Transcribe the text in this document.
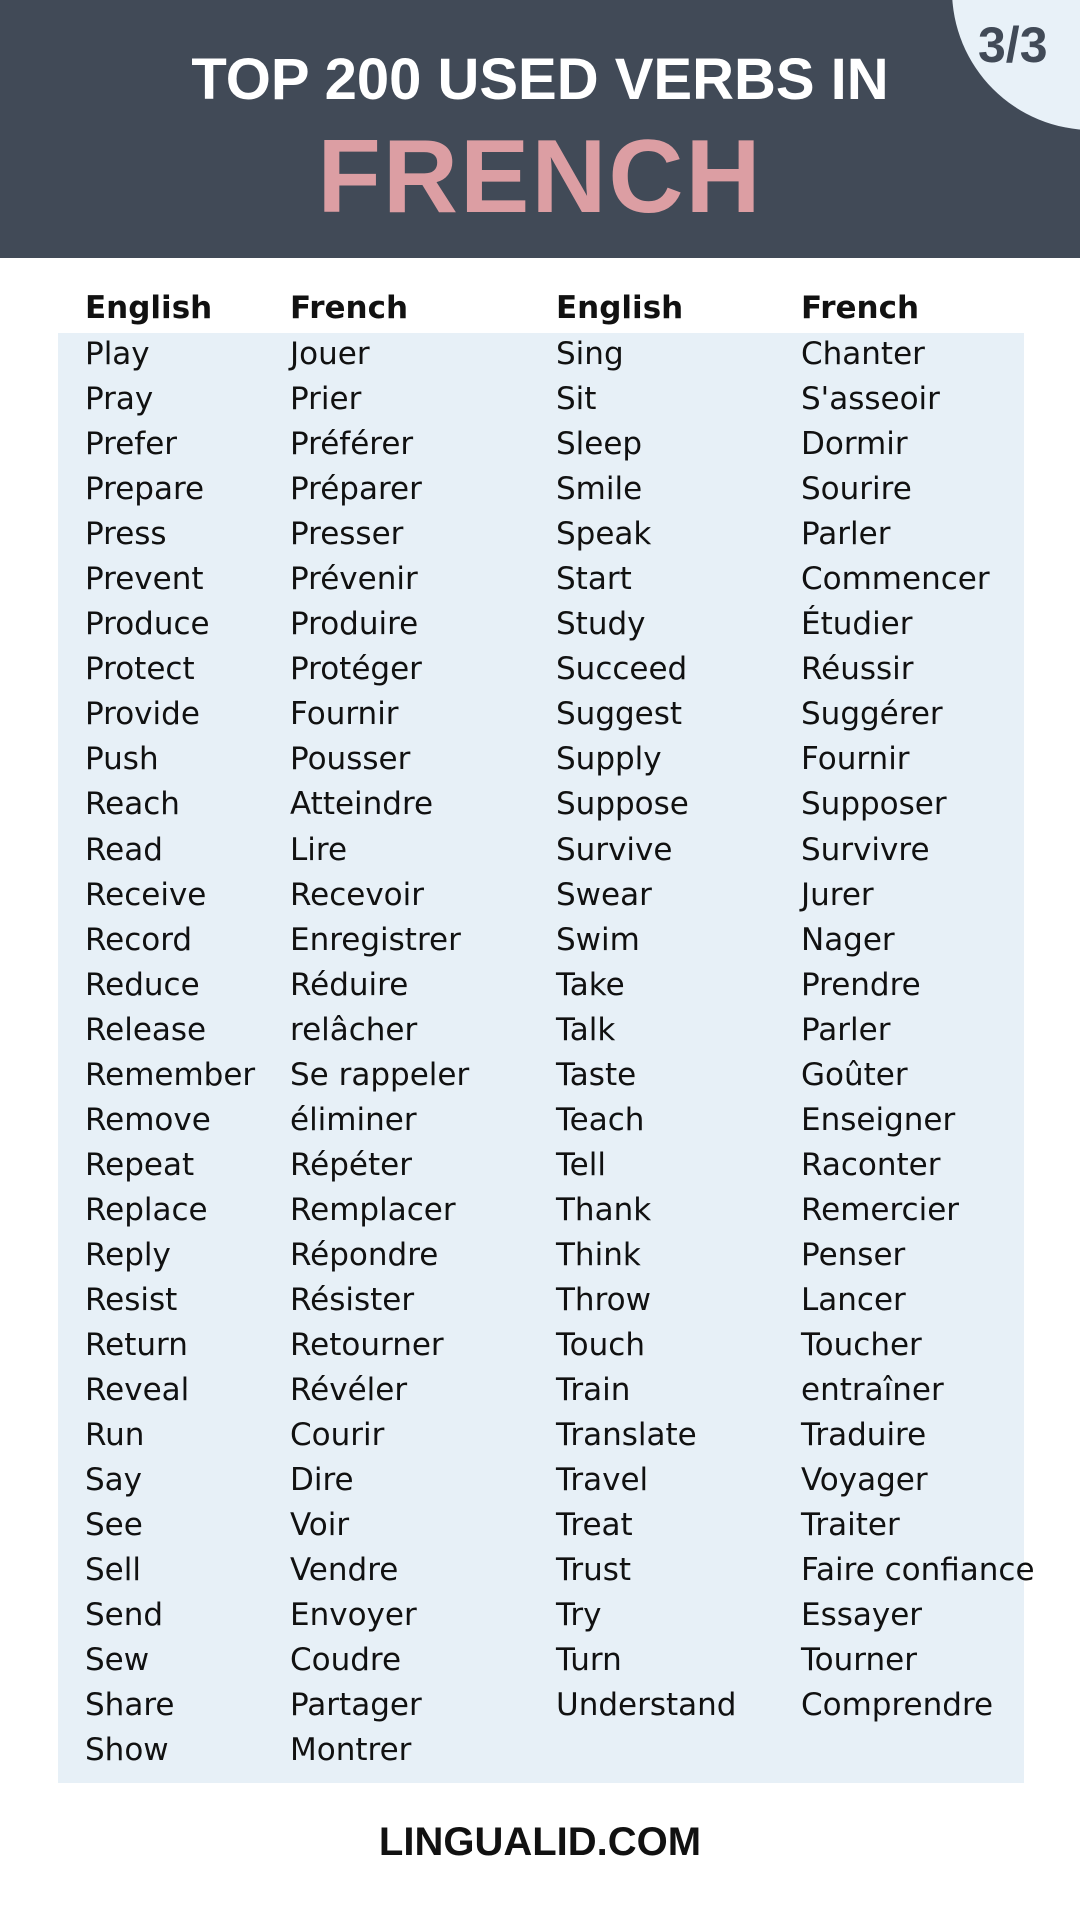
3/3
TOP 200 USED VERBS IN
FRENCH
English
Play
Pray
Prefer
Prepare
Press
Prevent
Produce
Protect
Provide
Push
Reach
Read
Receive
Record
Reduce
Release
Remember
Remove
Repeat
Replace
Reply
Resist
Return
Reveal
Run
Say
See
Sell
Send
Sew
Share
Show
French
Jouer
Prier
Préférer
Préparer
Presser
Prévenir
Produire
Protéger
Fournir
Pousser
Atteindre
Lire
Recevoir
Enregistrer
Réduire
relâcher
Se rappeler
éliminer
Répéter
Remplacer
Répondre
Résister
Retourner
Révéler
Courir
Dire
Voir
Vendre
Envoyer
Coudre
Partager
Montrer
English
Sing
Sit
Sleep
Smile
Speak
Start
Study
Succeed
Suggest
Supply
Suppose
Survive
Swear
Swim
Take
Talk
Taste
Teach
Tell
Thank
Think
Throw
Touch
Train
Translate
Travel
Treat
Trust
Try
Turn
Understand
French
Chanter
S'asseoir
Dormir
Sourire
Parler
Commencer
Étudier
Réussir
Suggérer
Fournir
Supposer
Survivre
Jurer
Nager
Prendre
Parler
Goûter
Enseigner
Raconter
Remercier
Penser
Lancer
Toucher
entraîner
Traduire
Voyager
Traiter
Faire confiance
Essayer
Tourner
Comprendre
LINGUALID.COM
